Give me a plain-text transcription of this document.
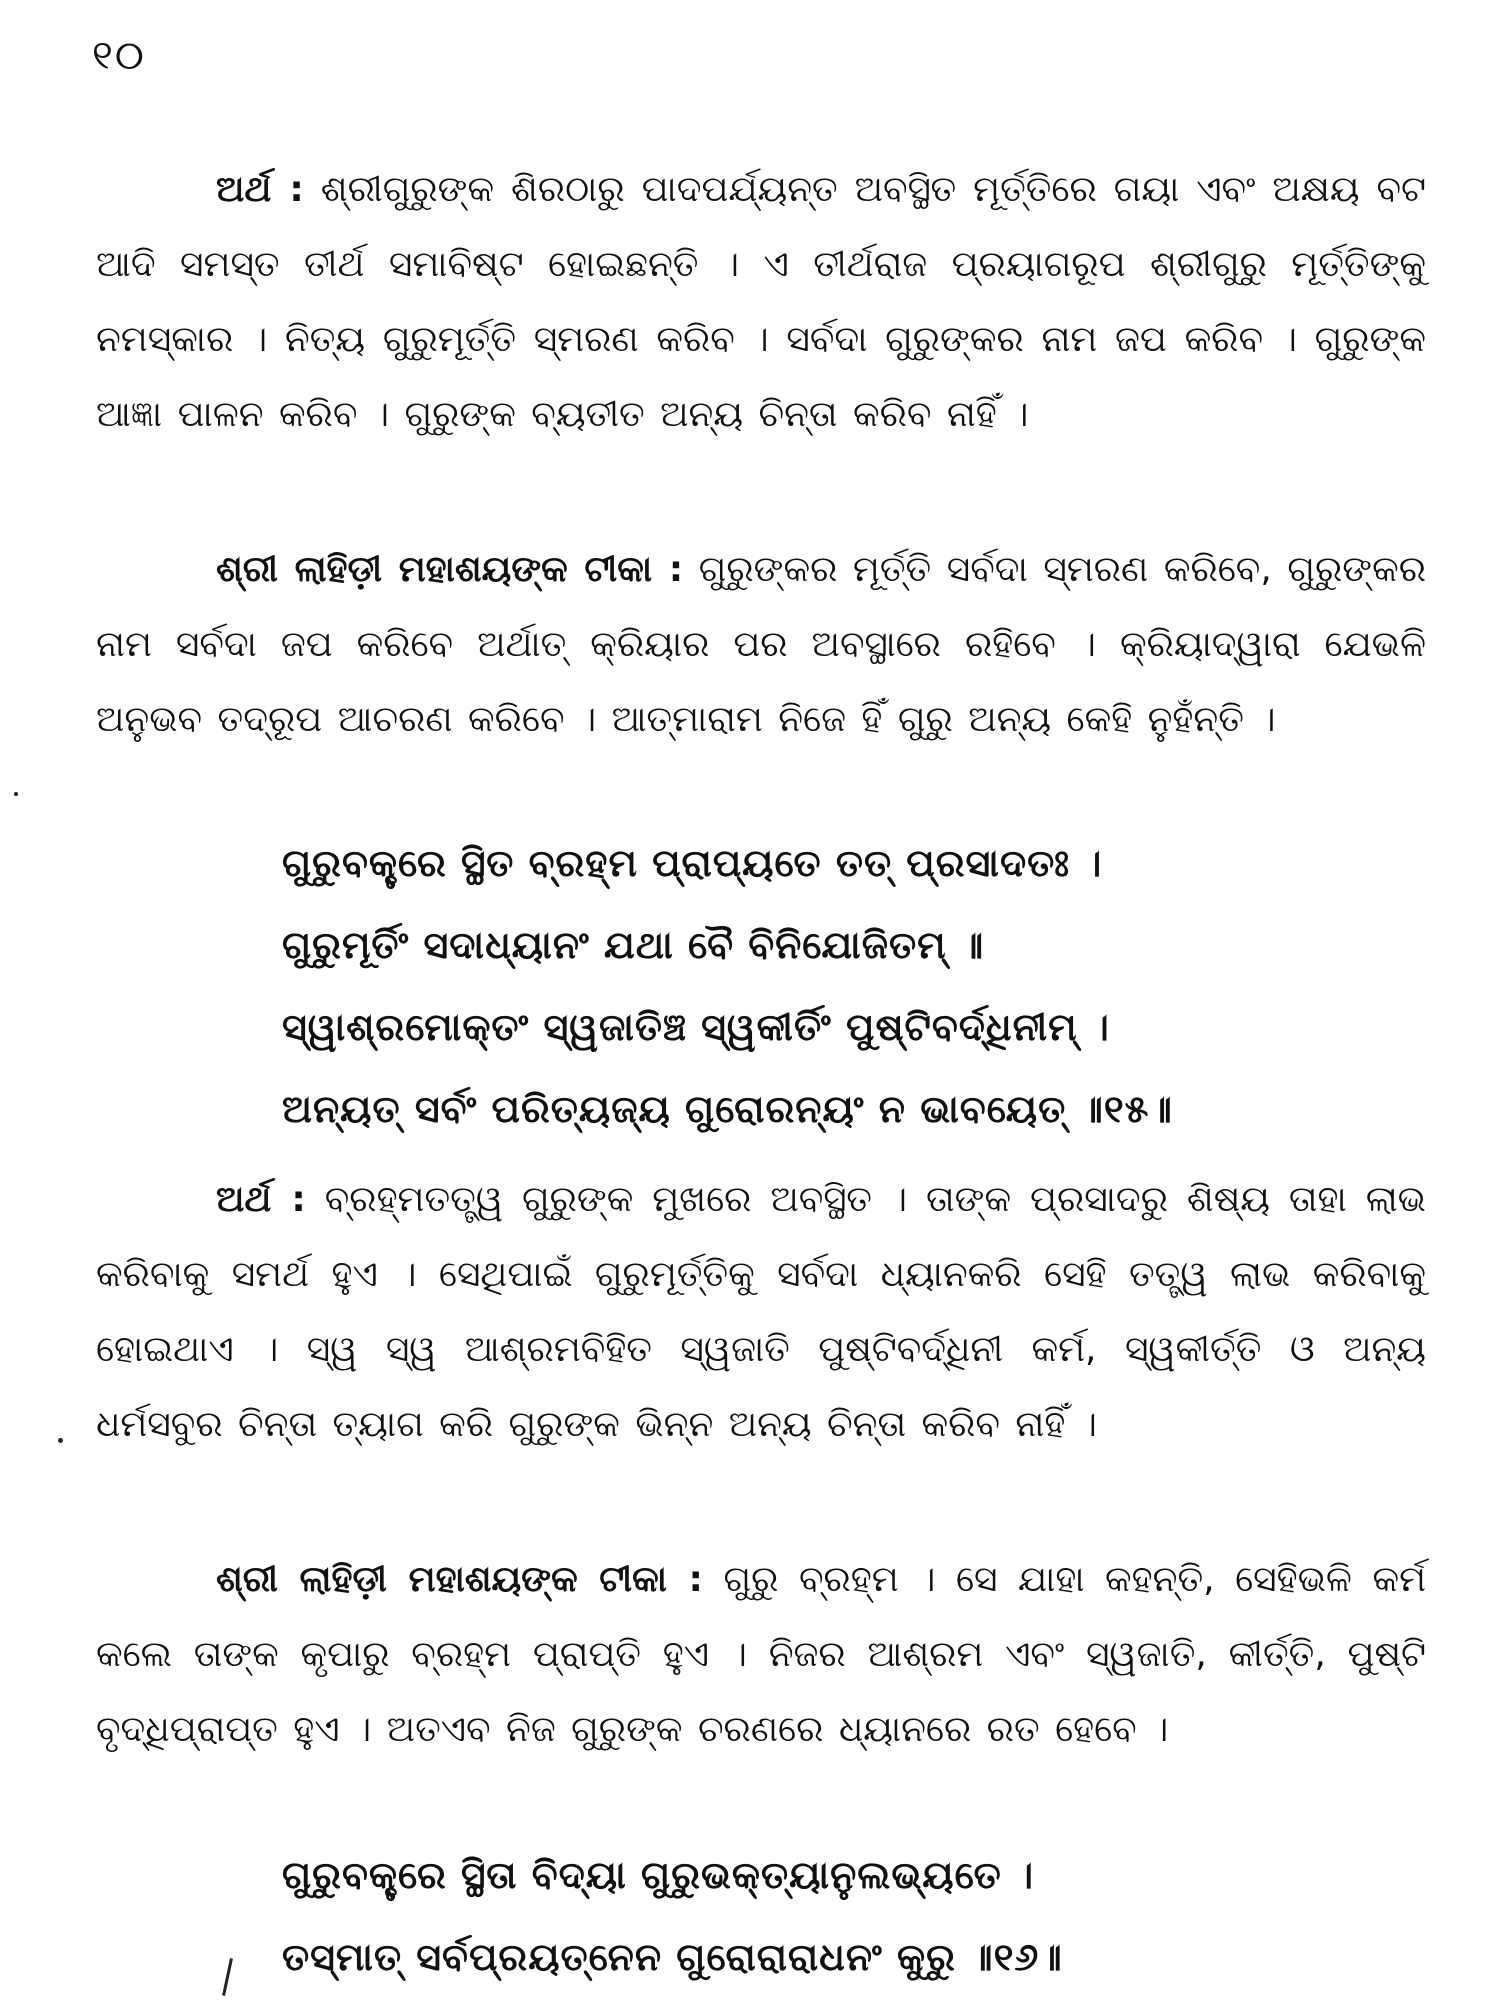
୧୦

ଅର୍ଥ : ଶ୍ରୀଗୁରୁଙ୍କ ଶିରଠାରୁ ପାଦପର୍ଯ୍ୟନ୍ତ ଅବସ୍ଥିତ ମୂର୍ତ୍ତିରେ ଗୟା ଏବଂ ଅକ୍ଷୟ ବଟ ଆଦି ସମସ୍ତ ତୀର୍ଥ ସମାବିଷ୍ଟ ହୋଇଛନ୍ତି । ଏ ତୀର୍ଥରାଜ ପ୍ରୟାଗରୂପ ଶ୍ରୀଗୁରୁ ମୂର୍ତ୍ତିଙ୍କୁ ନମସ୍କାର । ନିତ୍ୟ ଗୁରୁମୂର୍ତ୍ତି ସ୍ମରଣ କରିବ । ସର୍ବଦା ଗୁରୁଙ୍କର ନାମ ଜପ କରିବ । ଗୁରୁଙ୍କ ଆଜ୍ଞା ପାଳନ କରିବ । ଗୁରୁଙ୍କ ବ୍ୟତୀତ ଅନ୍ୟ ଚିନ୍ତା କରିବ ନାହିଁ ।

ଶ୍ରୀ ଲାହିଡ଼ୀ ମହାଶୟଙ୍କ ଟୀକା : ଗୁରୁଙ୍କର ମୂର୍ତ୍ତି ସର୍ବଦା ସ୍ମରଣ କରିବେ, ଗୁରୁଙ୍କର ନାମ ସର୍ବଦା ଜପ କରିବେ ଅର୍ଥାତ୍ କ୍ରିୟାର ପର ଅବସ୍ଥାରେ ରହିବେ । କ୍ରିୟାଦ୍ୱାରା ଯେଭଳି ଅନୁଭବ ତଦ୍ରୂପ ଆଚରଣ କରିବେ । ଆତ୍ମାରାମ ନିଜେ ହିଁ ଗୁରୁ ଅନ୍ୟ କେହି ନୁହଁନ୍ତି ।

ଗୁରୁବକ୍ତ୍ରେ ସ୍ଥିତ ବ୍ରହ୍ମ ପ୍ରାପ୍ୟତେ ତତ୍ ପ୍ରସାଦତଃ ।
ଗୁରୁମୂର୍ତିଂ ସଦାଧ୍ୟାନଂ ଯଥା ବୈ ବିନିଯୋଜିତମ୍ ॥
ସ୍ୱାଶ୍ରମୋକ୍ତଂ ସ୍ୱଜାତିଞ୍ଚ ସ୍ୱକୀର୍ତିଂ ପୁଷ୍ଟିବର୍ଦ୍ଧିନୀମ୍ ।
ଅନ୍ୟତ୍ ସର୍ବଂ ପରିତ୍ୟଜ୍ୟ ଗୁରୋରନ୍ୟଂ ନ ଭାବୟେତ୍ ॥୧୫॥

ଅର୍ଥ : ବ୍ରହ୍ମତତ୍ତ୍ୱ ଗୁରୁଙ୍କ ମୁଖରେ ଅବସ୍ଥିତ । ତାଙ୍କ ପ୍ରସାଦରୁ ଶିଷ୍ୟ ତାହା ଲାଭ କରିବାକୁ ସମର୍ଥ ହୁଏ । ସେଥିପାଇଁ ଗୁରୁମୂର୍ତ୍ତିକୁ ସର୍ବଦା ଧ୍ୟାନକରି ସେହି ତତ୍ତ୍ୱ ଲାଭ କରିବାକୁ ହୋଇଥାଏ । ସ୍ୱ ସ୍ୱ ଆଶ୍ରମବିହିତ ସ୍ୱଜାତି ପୁଷ୍ଟିବର୍ଦ୍ଧିନୀ କର୍ମ, ସ୍ୱକୀର୍ତ୍ତି ଓ ଅନ୍ୟ ଧର୍ମସବୁର ଚିନ୍ତା ତ୍ୟାଗ କରି ଗୁରୁଙ୍କ ଭିନ୍ନ ଅନ୍ୟ ଚିନ୍ତା କରିବ ନାହିଁ ।

ଶ୍ରୀ ଲାହିଡ଼ୀ ମହାଶୟଙ୍କ ଟୀକା : ଗୁରୁ ବ୍ରହ୍ମ । ସେ ଯାହା କହନ୍ତି, ସେହିଭଳି କର୍ମ କଲେ ତାଙ୍କ କୃପାରୁ ବ୍ରହ୍ମ ପ୍ରାପ୍ତି ହୁଏ । ନିଜର ଆଶ୍ରମ ଏବଂ ସ୍ୱଜାତି, କୀର୍ତ୍ତି, ପୁଷ୍ଟି ବୃଦ୍ଧିପ୍ରାପ୍ତ ହୁଏ । ଅତଏବ ନିଜ ଗୁରୁଙ୍କ ଚରଣରେ ଧ୍ୟାନରେ ରତ ହେବେ ।

ଗୁରୁବକ୍ତ୍ରେ ସ୍ଥିତା ବିଦ୍ୟା ଗୁରୁଭକ୍ତ୍ୟାନୁଲଭ୍ୟତେ ।
ତସ୍ମାତ୍ ସର୍ବପ୍ରୟତ୍ନେନ ଗୁରୋରାରାଧନଂ କୁରୁ ॥୧୬॥
